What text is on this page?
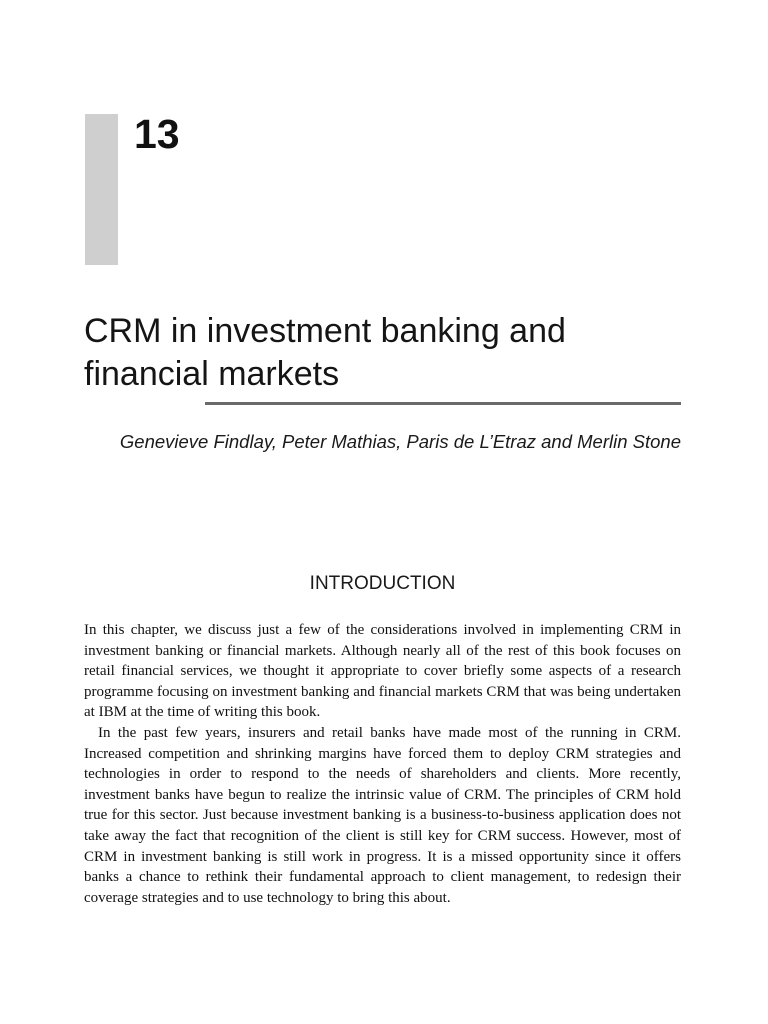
13
CRM in investment banking and financial markets
Genevieve Findlay, Peter Mathias, Paris de L’Etraz and Merlin Stone
INTRODUCTION

In this chapter, we discuss just a few of the considerations involved in implementing CRM in investment banking or financial markets. Although nearly all of the rest of this book focuses on retail financial services, we thought it appropriate to cover briefly some aspects of a research programme focusing on investment banking and financial markets CRM that was being undertaken at IBM at the time of writing this book.

In the past few years, insurers and retail banks have made most of the running in CRM. Increased competition and shrinking margins have forced them to deploy CRM strategies and technologies in order to respond to the needs of shareholders and clients. More recently, investment banks have begun to realize the intrinsic value of CRM. The principles of CRM hold true for this sector. Just because investment banking is a business-to-business application does not take away the fact that recognition of the client is still key for CRM success. However, most of CRM in investment banking is still work in progress. It is a missed opportunity since it offers banks a chance to rethink their fundamental approach to client management, to redesign their coverage strategies and to use technology to bring this about.
